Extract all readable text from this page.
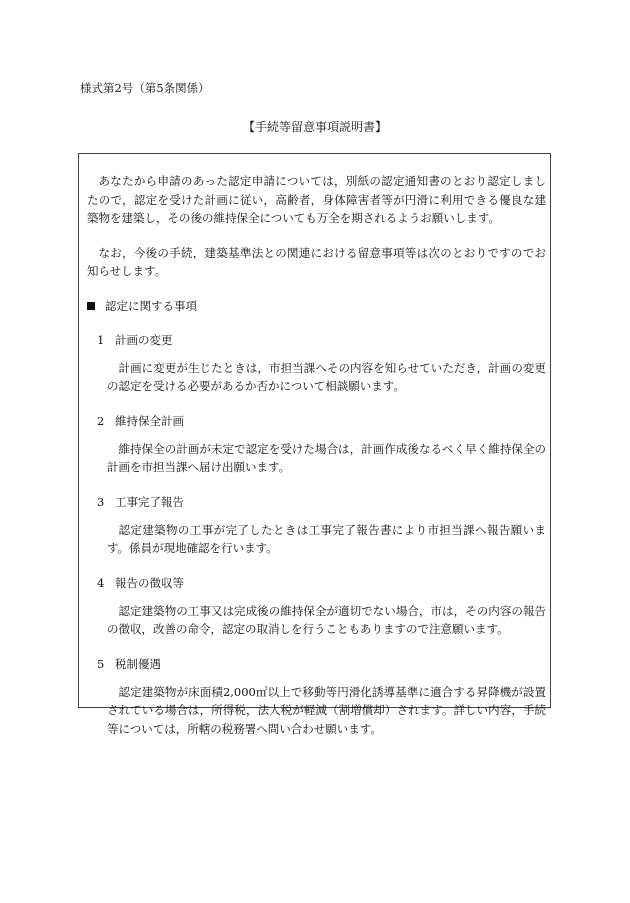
様式第2号（第5条関係）
【手続等留意事項説明書】

あなたから申請のあった認定申請については，別紙の認定通知書のとおり認定しましたので，認定を受けた計画に従い，高齢者，身体障害者等が円滑に利用できる優良な建築物を建築し，その後の維持保全についても万全を期されるようお願いします。

なお，今後の手続，建築基準法との関連における留意事項等は次のとおりですのでお知らせします。

認定に関する事項
1 計画の変更
計画に変更が生じたときは，市担当課へその内容を知らせていただき，計画の変更の認定を受ける必要があるか否かについて相談願います。
2 維持保全計画
維持保全の計画が未定で認定を受けた場合は，計画作成後なるべく早く維持保全の計画を市担当課へ届け出願います。
3 工事完了報告
認定建築物の工事が完了したときは工事完了報告書により市担当課へ報告願います。係員が現地確認を行います。
4 報告の徴収等
認定建築物の工事又は完成後の維持保全が適切でない場合，市は，その内容の報告の徴収，改善の命令，認定の取消しを行うこともありますので注意願います。
5 税制優遇
認定建築物が床面積2,000㎡以上で移動等円滑化誘導基準に適合する昇降機が設置されている場合は，所得税，法人税が軽減（割増償却）されます。詳しい内容，手続等については，所轄の税務署へ問い合わせ願います。
